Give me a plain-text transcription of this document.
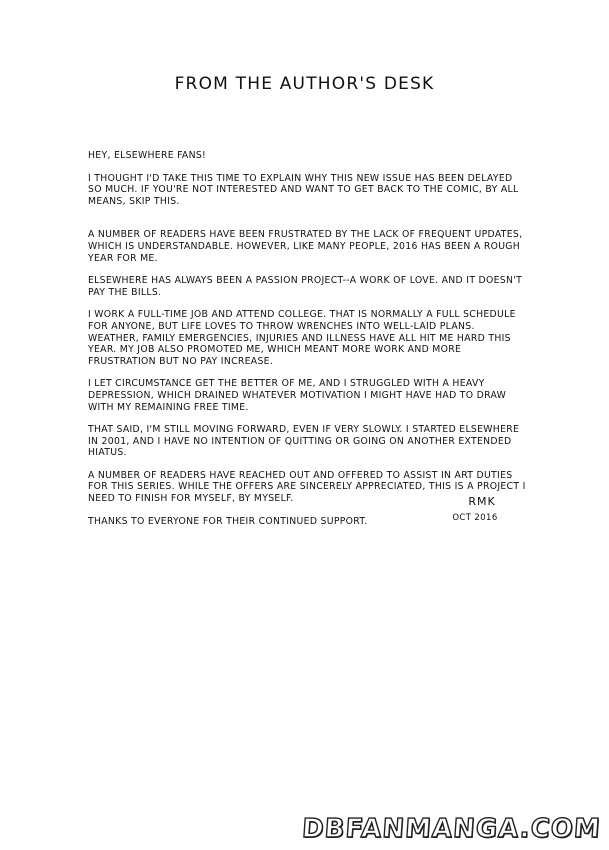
FROM THE AUTHOR'S DESK

HEY, ELSEWHERE FANS!

I THOUGHT I'D TAKE THIS TIME TO EXPLAIN WHY THIS NEW ISSUE HAS BEEN DELAYED SO MUCH. IF YOU'RE NOT INTERESTED AND WANT TO GET BACK TO THE COMIC, BY ALL MEANS, SKIP THIS.

A NUMBER OF READERS HAVE BEEN FRUSTRATED BY THE LACK OF FREQUENT UPDATES, WHICH IS UNDERSTANDABLE. HOWEVER, LIKE MANY PEOPLE, 2016 HAS BEEN A ROUGH YEAR FOR ME.

ELSEWHERE HAS ALWAYS BEEN A PASSION PROJECT--A WORK OF LOVE. AND IT DOESN'T PAY THE BILLS.

I WORK A FULL-TIME JOB AND ATTEND COLLEGE. THAT IS NORMALLY A FULL SCHEDULE FOR ANYONE, BUT LIFE LOVES TO THROW WRENCHES INTO WELL-LAID PLANS. WEATHER, FAMILY EMERGENCIES, INJURIES AND ILLNESS HAVE ALL HIT ME HARD THIS YEAR. MY JOB ALSO PROMOTED ME, WHICH MEANT MORE WORK AND MORE FRUSTRATION BUT NO PAY INCREASE.

I LET CIRCUMSTANCE GET THE BETTER OF ME, AND I STRUGGLED WITH A HEAVY DEPRESSION, WHICH DRAINED WHATEVER MOTIVATION I MIGHT HAVE HAD TO DRAW WITH MY REMAINING FREE TIME.

THAT SAID, I'M STILL MOVING FORWARD, EVEN IF VERY SLOWLY. I STARTED ELSEWHERE IN 2001, AND I HAVE NO INTENTION OF QUITTING OR GOING ON ANOTHER EXTENDED HIATUS.

A NUMBER OF READERS HAVE REACHED OUT AND OFFERED TO ASSIST IN ART DUTIES FOR THIS SERIES. WHILE THE OFFERS ARE SINCERELY APPRECIATED, THIS IS A PROJECT I NEED TO FINISH FOR MYSELF, BY MYSELF.

THANKS TO EVERYONE FOR THEIR CONTINUED SUPPORT.

RMK
OCT 2016
DBFANMANGA.COM
